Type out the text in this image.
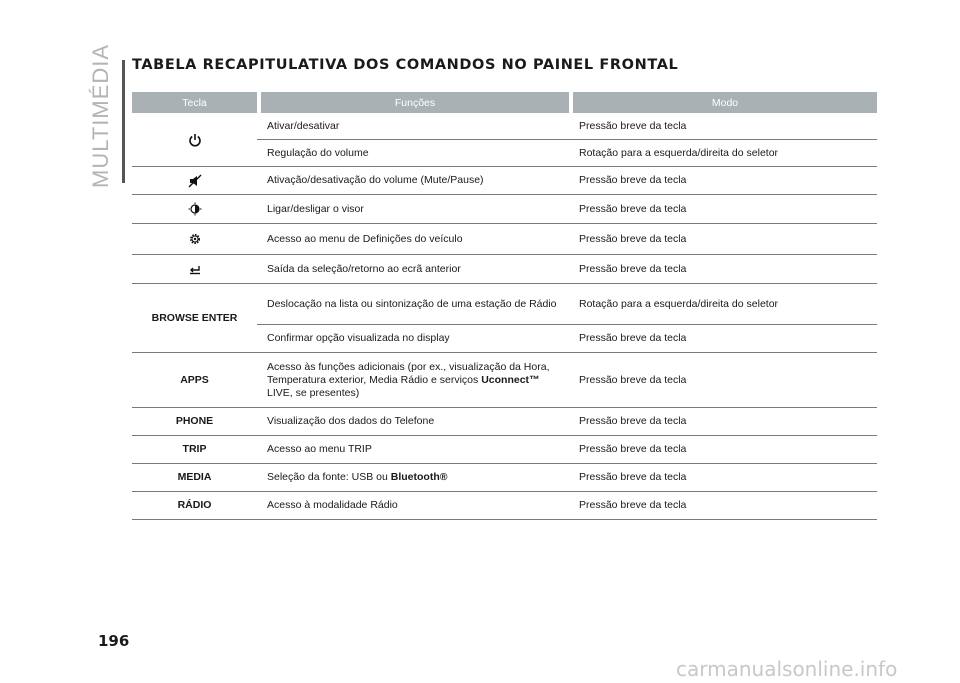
MULTIMÉDIA TABELA RECAPITULATIVA DOS COMANDOS NO PAINEL FRONTAL
Tecla		Funções		Modo
		Ativar/desativar		Pressão breve da tecla
		Regulação do volume		Rotação para a esquerda/direita do seletor
		Ativação/desativação do volume (Mute/Pause)		Pressão breve da tecla
		Ligar/desligar o visor		Pressão breve da tecla
		Acesso ao menu de Definições do veículo		Pressão breve da tecla
		Saída da seleção/retorno ao ecrã anterior		Pressão breve da tecla
BROWSE ENTER		Deslocação na lista ou sintonização de uma estação de Rádio		Rotação para a esquerda/direita do seletor
		Confirmar opção visualizada no display		Pressão breve da tecla
APPS		Acesso às funções adicionais (por ex., visualização da Hora, Temperatura exterior, Media Rádio e serviços Uconnect™ LIVE, se presentes)		Pressão breve da tecla
PHONE		Visualização dos dados do Telefone		Pressão breve da tecla
TRIP		Acesso ao menu TRIP		Pressão breve da tecla
MEDIA		Seleção da fonte: USB ou Bluetooth®		Pressão breve da tecla
RÁDIO		Acesso à modalidade Rádio		Pressão breve da tecla
196
carmanualsonline.info
